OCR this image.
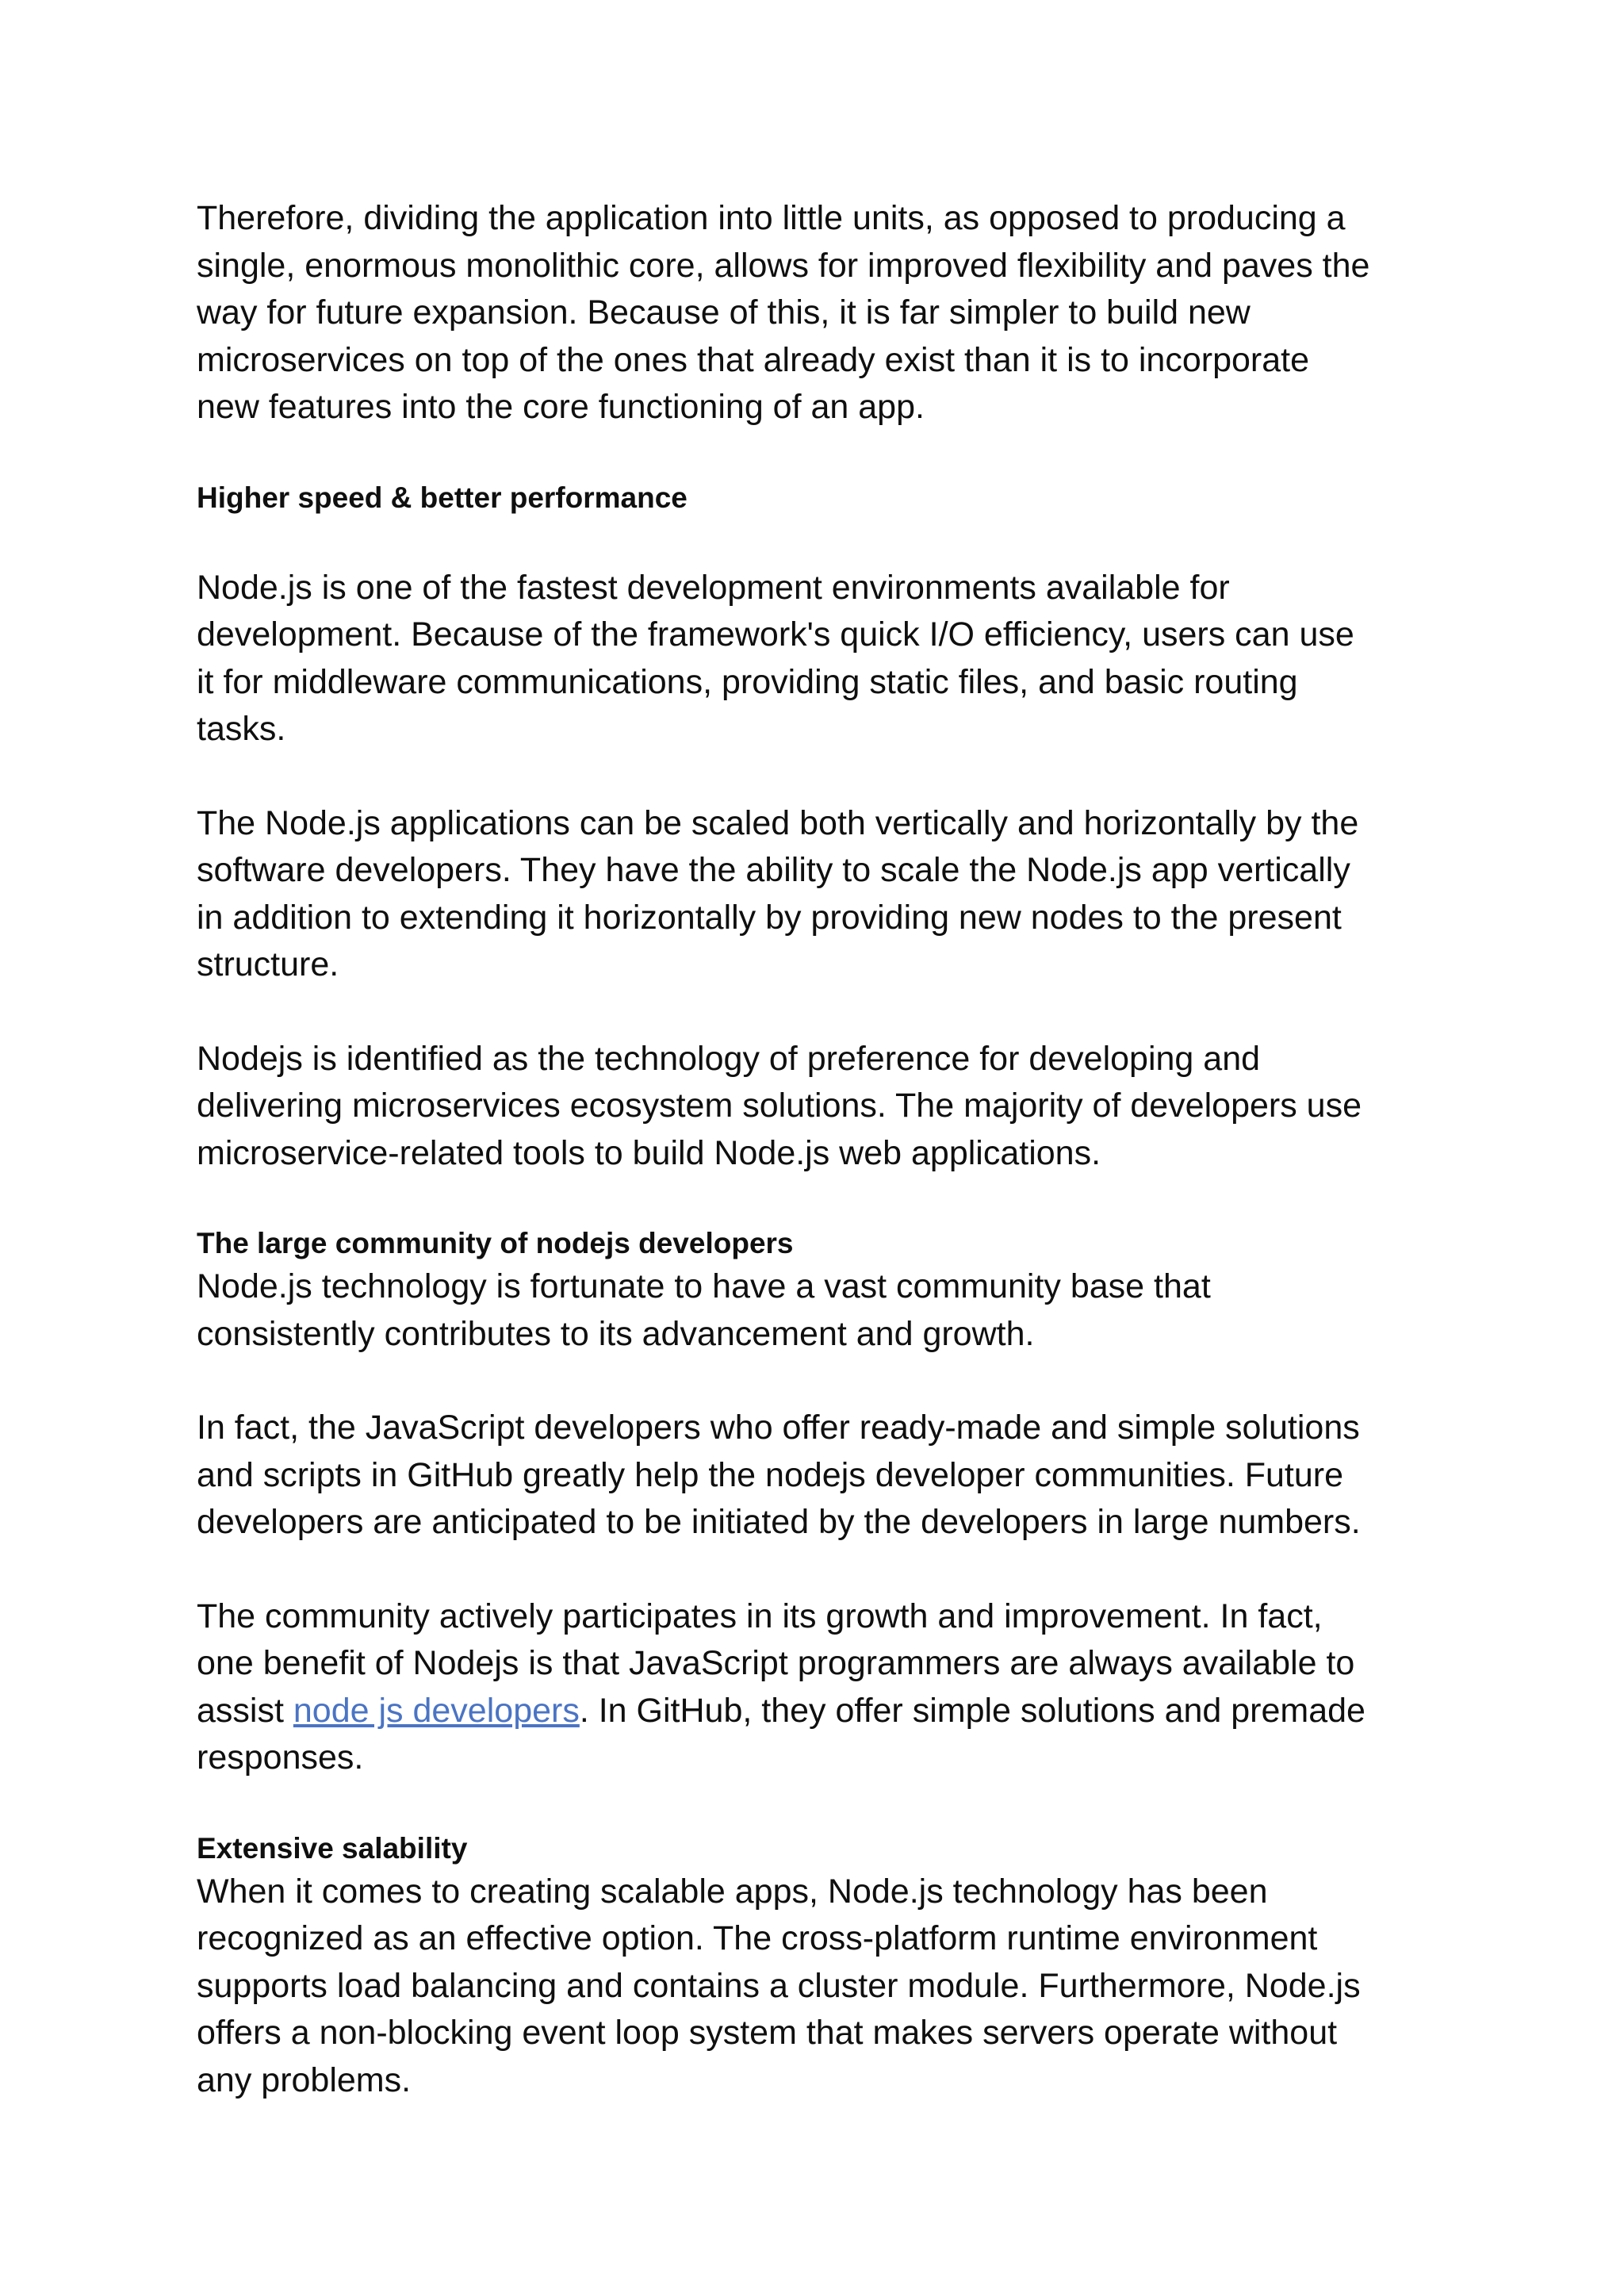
Therefore, dividing the application into little units, as opposed to producing a
single, enormous monolithic core, allows for improved flexibility and paves the
way for future expansion. Because of this, it is far simpler to build new
microservices on top of the ones that already exist than it is to incorporate
new features into the core functioning of an app.

Higher speed & better performance

Node.js is one of the fastest development environments available for
development. Because of the framework's quick I/O efficiency, users can use
it for middleware communications, providing static files, and basic routing
tasks.

The Node.js applications can be scaled both vertically and horizontally by the
software developers. They have the ability to scale the Node.js app vertically
in addition to extending it horizontally by providing new nodes to the present
structure.

Nodejs is identified as the technology of preference for developing and
delivering microservices ecosystem solutions. The majority of developers use
microservice-related tools to build Node.js web applications.

The large community of nodejs developers

Node.js technology is fortunate to have a vast community base that
consistently contributes to its advancement and growth.

In fact, the JavaScript developers who offer ready-made and simple solutions
and scripts in GitHub greatly help the nodejs developer communities. Future
developers are anticipated to be initiated by the developers in large numbers.

The community actively participates in its growth and improvement. In fact,
one benefit of Nodejs is that JavaScript programmers are always available to
assist node js developers. In GitHub, they offer simple solutions and premade
responses.

Extensive salability

When it comes to creating scalable apps, Node.js technology has been
recognized as an effective option. The cross-platform runtime environment
supports load balancing and contains a cluster module. Furthermore, Node.js
offers a non-blocking event loop system that makes servers operate without
any problems.
